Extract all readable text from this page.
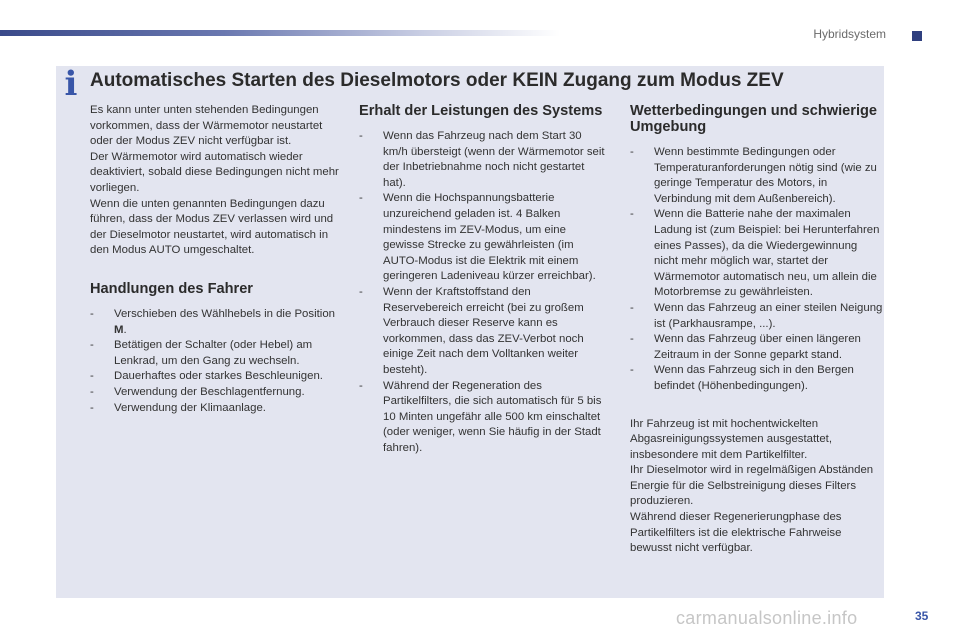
Hybridsystem
i Automatisches Starten des Dieselmotors oder KEIN Zugang zum Modus ZEV

Es kann unter unten stehenden Bedingungen vorkommen, dass der Wärmemotor neustartet oder der Modus ZEV nicht verfügbar ist.

Der Wärmemotor wird automatisch wieder deaktiviert, sobald diese Bedingungen nicht mehr vorliegen.

Wenn die unten genannten Bedingungen dazu führen, dass der Modus ZEV verlassen wird und der Dieselmotor neustartet, wird automatisch in den Modus AUTO umgeschaltet.

Handlungen des Fahrer
- Verschieben des Wählhebels in die Position M.
- Betätigen der Schalter (oder Hebel) am Lenkrad, um den Gang zu wechseln.
- Dauerhaftes oder starkes Beschleunigen.
- Verwendung der Beschlagentfernung.
- Verwendung der Klimaanlage.
Erhalt der Leistungen des Systems
- Wenn das Fahrzeug nach dem Start 30 km/h übersteigt (wenn der Wärmemotor seit der Inbetriebnahme noch nicht gestartet hat).
- Wenn die Hochspannungsbatterie unzureichend geladen ist. 4 Balken mindestens im ZEV-Modus, um eine gewisse Strecke zu gewährleisten (im AUTO-Modus ist die Elektrik mit einem geringeren Ladeniveau kürzer erreichbar).
- Wenn der Kraftstoffstand den Reservebereich erreicht (bei zu großem Verbrauch dieser Reserve kann es vorkommen, dass das ZEV-Verbot noch einige Zeit nach dem Volltanken weiter besteht).
- Während der Regeneration des Partikelfilters, die sich automatisch für 5 bis 10 Minten ungefähr alle 500 km einschaltet (oder weniger, wenn Sie häufig in der Stadt fahren).
Wetterbedingungen und schwierige Umgebung
- Wenn bestimmte Bedingungen oder Temperaturanforderungen nötig sind (wie zu geringe Temperatur des Motors, in Verbindung mit dem Außenbereich).
- Wenn die Batterie nahe der maximalen Ladung ist (zum Beispiel: bei Herunterfahren eines Passes), da die Wiedergewinnung nicht mehr möglich war, startet der Wärmemotor automatisch neu, um allein die Motorbremse zu gewährleisten.
- Wenn das Fahrzeug an einer steilen Neigung ist (Parkhausrampe, ...).
- Wenn das Fahrzeug über einen längeren Zeitraum in der Sonne geparkt stand.
- Wenn das Fahrzeug sich in den Bergen befindet (Höhenbedingungen).

Ihr Fahrzeug ist mit hochentwickelten Abgasreinigungssystemen ausgestattet, insbesondere mit dem Partikelfilter.

Ihr Dieselmotor wird in regelmäßigen Abständen Energie für die Selbstreinigung dieses Filters produzieren.

Während dieser Regenerierungphase des Partikelfilters ist die elektrische Fahrweise bewusst nicht verfügbar.

carmanualsonline.info	35
